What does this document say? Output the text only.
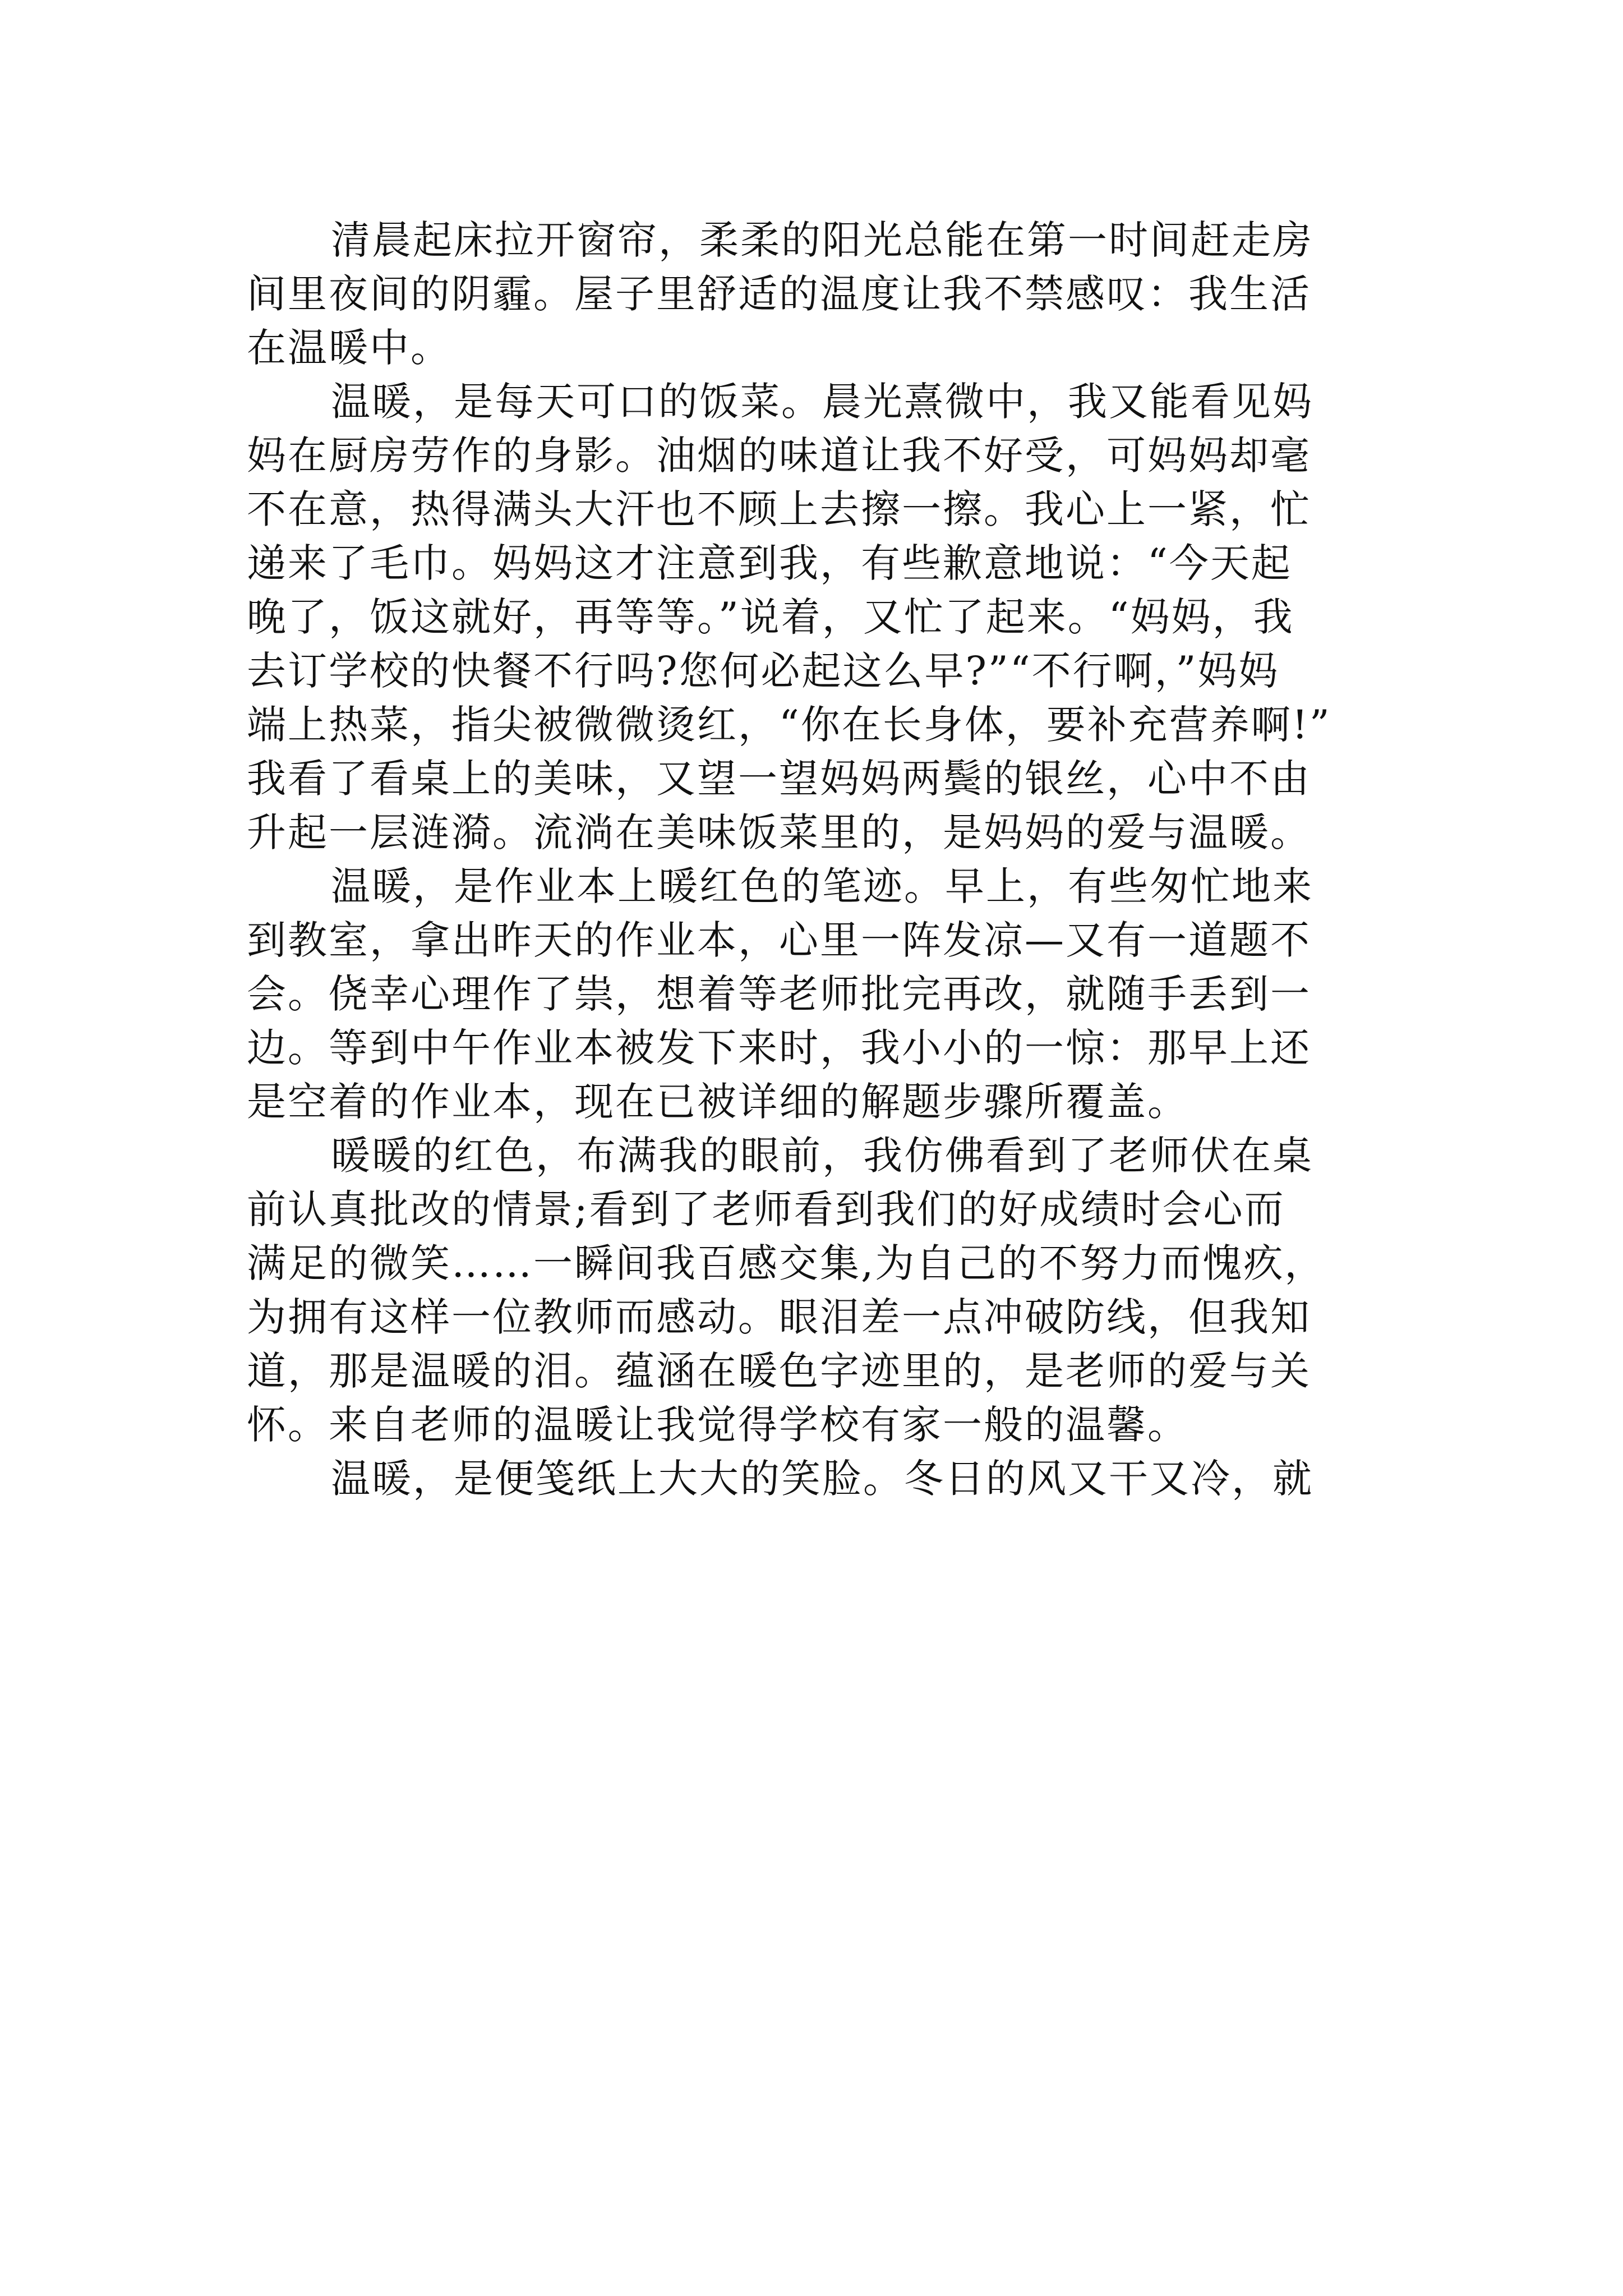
清晨起床拉开窗帘，柔柔的阳光总能在第一时间赶走房
间里夜间的阴霾。屋子里舒适的温度让我不禁感叹：我生活
在温暖中。

温暖，是每天可口的饭菜。晨光熹微中，我又能看见妈
妈在厨房劳作的身影。油烟的味道让我不好受，可妈妈却毫
不在意，热得满头大汗也不顾上去擦一擦。我心上一紧，忙
递来了毛巾。妈妈这才注意到我，有些歉意地说：“今天起
晚了，饭这就好，再等等。”说着，又忙了起来。“妈妈，我
去订学校的快餐不行吗?您何必起这么早?”“不行啊，”妈妈
端上热菜，指尖被微微烫红，“你在长身体，要补充营养啊!”
我看了看桌上的美味，又望一望妈妈两鬓的银丝，心中不由
升起一层涟漪。流淌在美味饭菜里的，是妈妈的爱与温暖。

温暖，是作业本上暖红色的笔迹。早上，有些匆忙地来
到教室，拿出昨天的作业本，心里一阵发凉—又有一道题不
会。侥幸心理作了祟，想着等老师批完再改，就随手丢到一
边。等到中午作业本被发下来时，我小小的一惊：那早上还
是空着的作业本，现在已被详细的解题步骤所覆盖。

暖暖的红色，布满我的眼前，我仿佛看到了老师伏在桌
前认真批改的情景;看到了老师看到我们的好成绩时会心而
满足的微笑……一瞬间我百感交集,为自己的不努力而愧疚，
为拥有这样一位教师而感动。眼泪差一点冲破防线，但我知
道，那是温暖的泪。蕴涵在暖色字迹里的，是老师的爱与关
怀。来自老师的温暖让我觉得学校有家一般的温馨。

温暖，是便笺纸上大大的笑脸。冬日的风又干又冷，就
